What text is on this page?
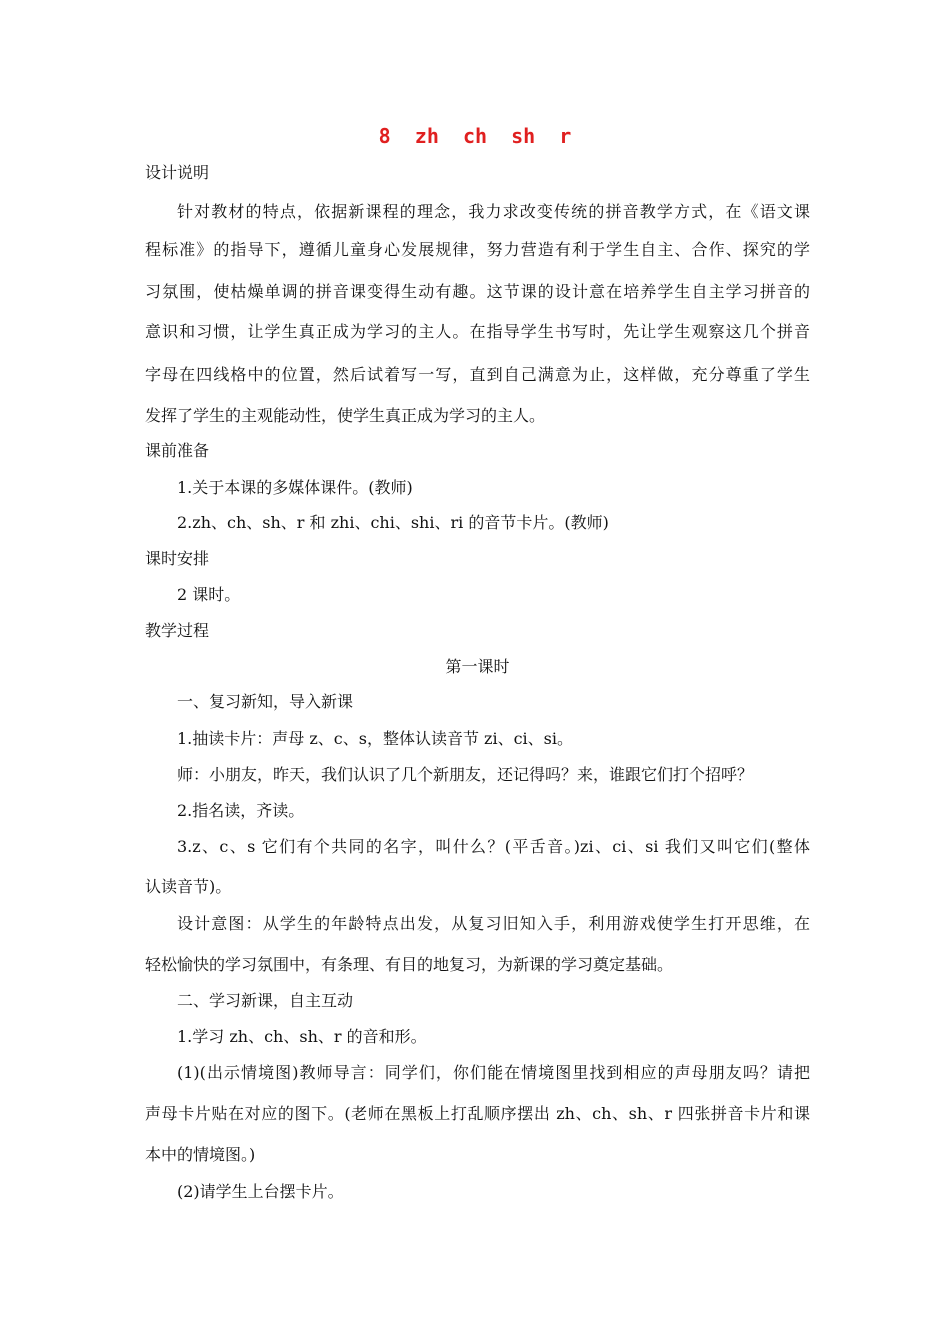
8  zh  ch  sh  r
设计说明
针对教材的特点，依据新课程的理念，我力求改变传统的拼音教学方式，在《语文课
程标准》的指导下，遵循儿童身心发展规律，努力营造有利于学生自主、合作、探究的学
习氛围，使枯燥单调的拼音课变得生动有趣。这节课的设计意在培养学生自主学习拼音的
意识和习惯，让学生真正成为学习的主人。在指导学生书写时，先让学生观察这几个拼音
字母在四线格中的位置，然后试着写一写，直到自己满意为止，这样做，充分尊重了学生
发挥了学生的主观能动性，使学生真正成为学习的主人。
课前准备
1.关于本课的多媒体课件。(教师)
2.zh、ch、sh、r 和 zhi、chi、shi、ri 的音节卡片。(教师)
课时安排
2 课时。
教学过程
第一课时
一、复习新知，导入新课
1.抽读卡片：声母 z、c、s，整体认读音节 zi、ci、si。
师：小朋友，昨天，我们认识了几个新朋友，还记得吗？来，谁跟它们打个招呼？
2.指名读，齐读。
3.z、c、s 它们有个共同的名字，叫什么？(平舌音。)zi、ci、si 我们又叫它们(整体
认读音节)。
设计意图：从学生的年龄特点出发，从复习旧知入手，利用游戏使学生打开思维，在
轻松愉快的学习氛围中，有条理、有目的地复习，为新课的学习奠定基础。
二、学习新课，自主互动
1.学习 zh、ch、sh、r 的音和形。
(1)(出示情境图)教师导言：同学们，你们能在情境图里找到相应的声母朋友吗？请把
声母卡片贴在对应的图下。(老师在黑板上打乱顺序摆出 zh、ch、sh、r 四张拼音卡片和课
本中的情境图。)
(2)请学生上台摆卡片。
